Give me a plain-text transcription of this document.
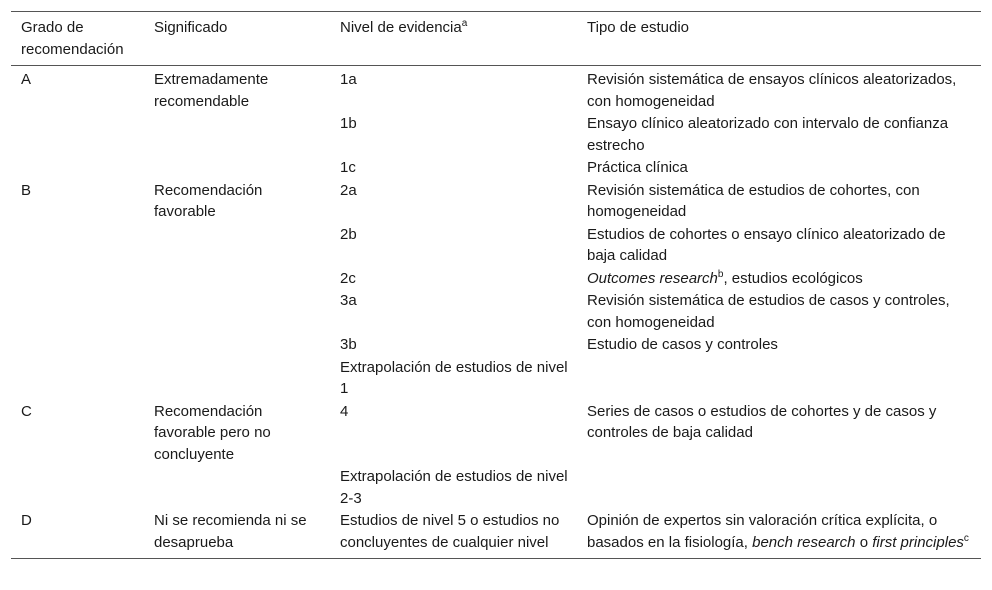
Grado de recomendación	Significado	Nivel de evidencia$^a$	Tipo de estudio
A	Extremadamente recomendable	1a	Revisión sistemática de ensayos clínicos aleatorizados, con homogeneidad
		1b	Ensayo clínico aleatorizado con intervalo de confianza estrecho
		1c	Práctica clínica
B	Recomendación favorable	2a	Revisión sistemática de estudios de cohortes, con homogeneidad
		2b	Estudios de cohortes o ensayo clínico aleatorizado de baja calidad
		2c	Outcomes research$^b$, estudios ecológicos
		3a	Revisión sistemática de estudios de casos y controles, con homogeneidad
		3b	Estudio de casos y controles
		Extrapolación de estudios de nivel 1	
C	Recomendación favorable pero no concluyente	4	Series de casos o estudios de cohortes y de casos y controles de baja calidad
		Extrapolación de estudios de nivel 2-3	
D	Ni se recomienda ni se desaprueba	Estudios de nivel 5 o estudios no concluyentes de cualquier nivel	Opinión de expertos sin valoración crítica explícita, o basados en la fisiología, bench research o first principles$^c$
